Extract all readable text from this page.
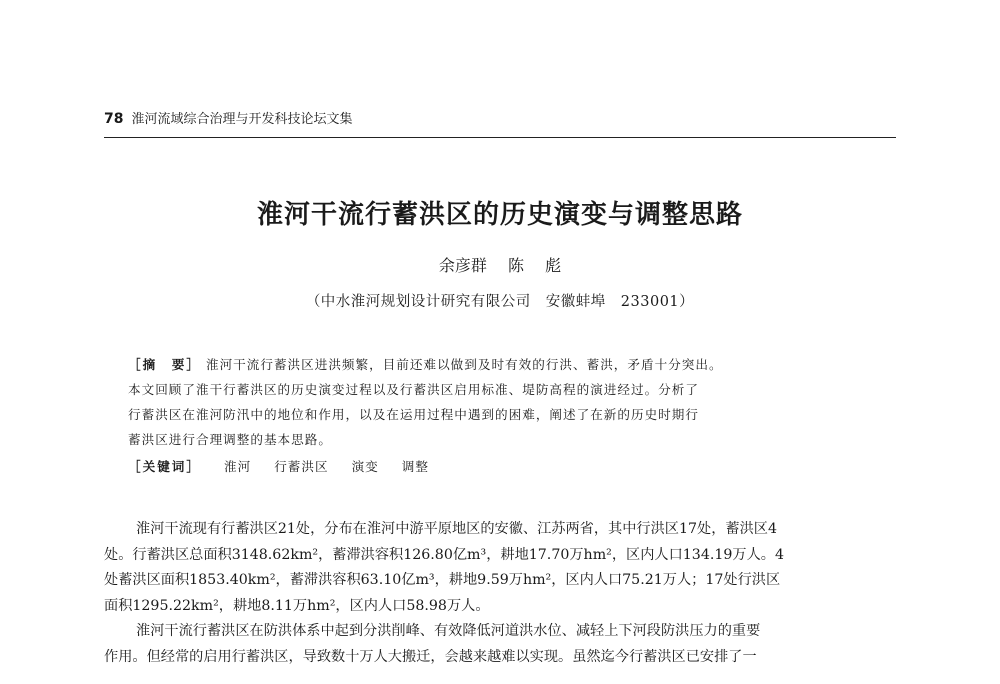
78 淮河流域综合治理与开发科技论坛文集
淮河干流行蓄洪区的历史演变与调整思路
余彦群 陈 彪
（中水淮河规划设计研究有限公司　安徽蚌埠　233001）
［摘　要］ 淮河干流行蓄洪区进洪频繁，目前还难以做到及时有效的行洪、蓄洪，矛盾十分突出。
本文回顾了淮干行蓄洪区的历史演变过程以及行蓄洪区启用标准、堤防高程的演进经过。分析了
行蓄洪区在淮河防汛中的地位和作用，以及在运用过程中遇到的困难，阐述了在新的历史时期行
蓄洪区进行合理调整的基本思路。
［关键词］ 淮河 行蓄洪区 演变 调整
淮河干流现有行蓄洪区21处，分布在淮河中游平原地区的安徽、江苏两省，其中行洪区17处，蓄洪区4
处。行蓄洪区总面积3148.62km²，蓄滞洪容积126.80亿m³，耕地17.70万hm²，区内人口134.19万人。4
处蓄洪区面积1853.40km²，蓄滞洪容积63.10亿m³，耕地9.59万hm²，区内人口75.21万人；17处行洪区
面积1295.22km²，耕地8.11万hm²，区内人口58.98万人。
淮河干流行蓄洪区在防洪体系中起到分洪削峰、有效降低河道洪水位、减轻上下河段防洪压力的重要
作用。但经常的启用行蓄洪区，导致数十万人大搬迁，会越来越难以实现。虽然迄今行蓄洪区已安排了一
